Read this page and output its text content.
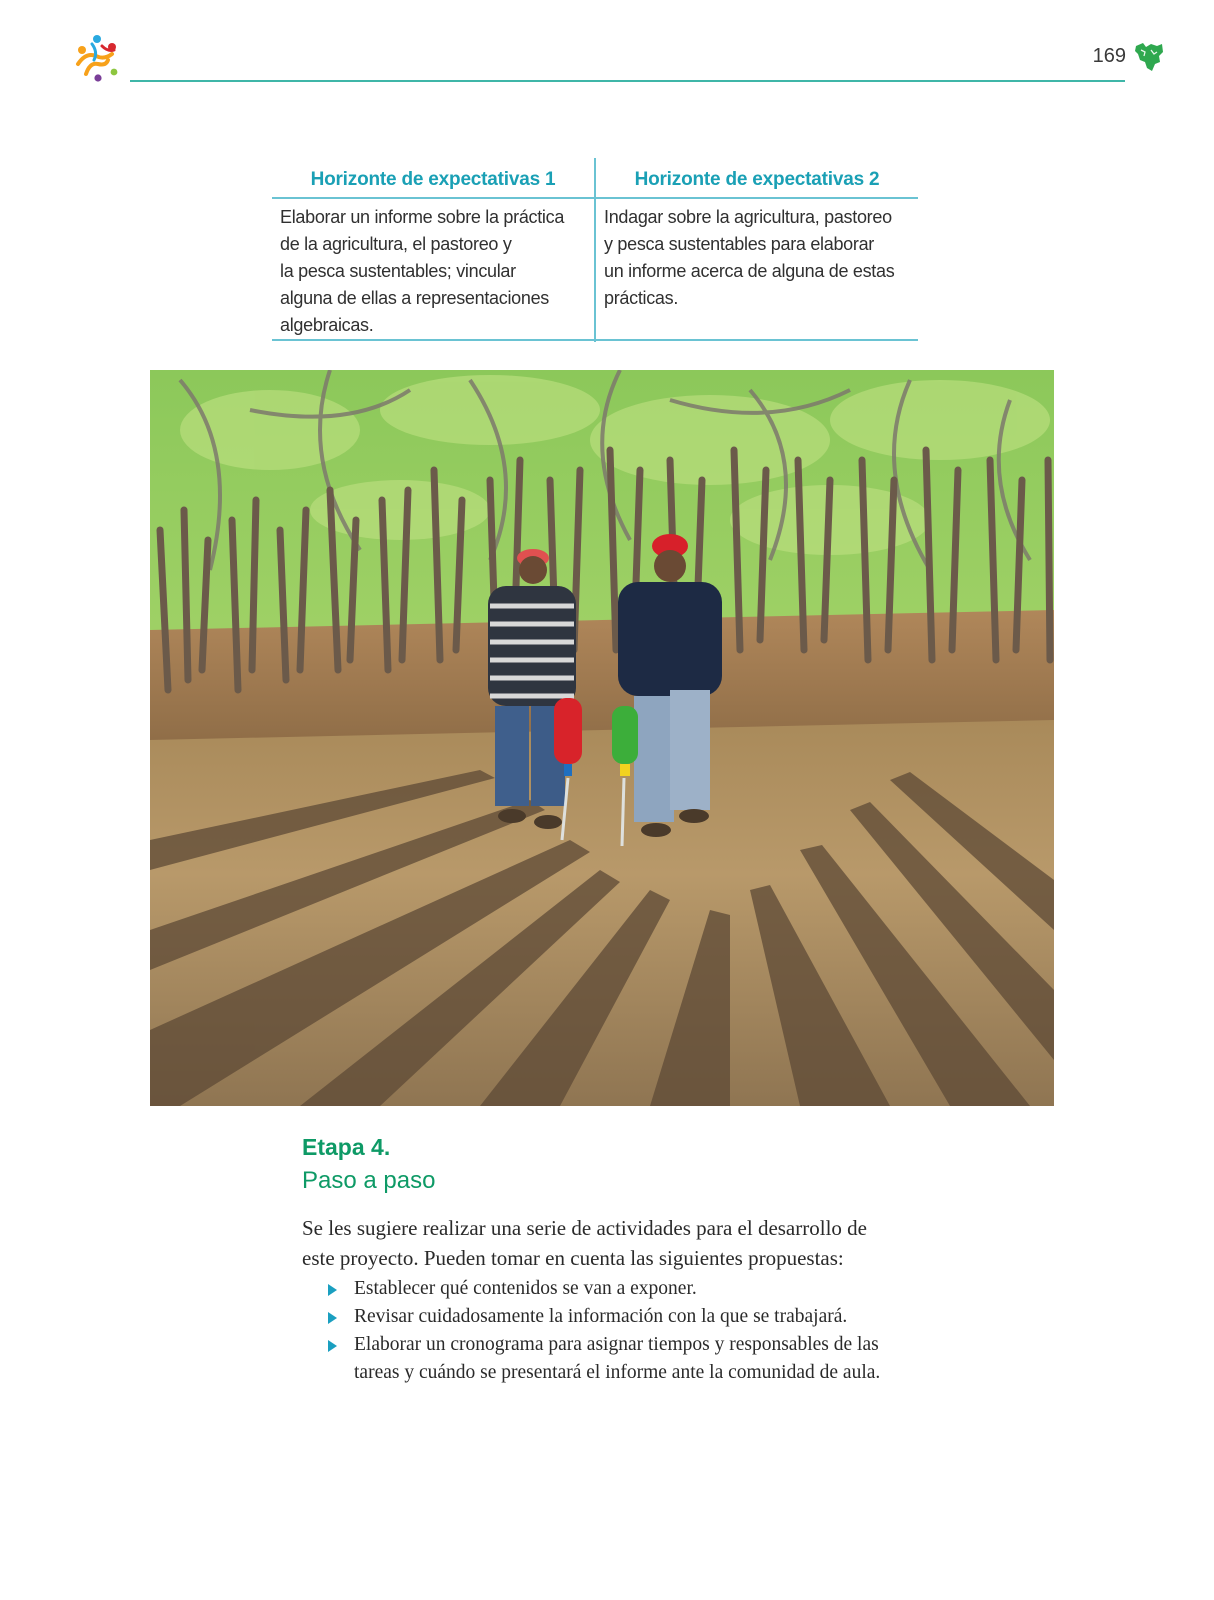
169
Horizonte de expectativas 1
Elaborar un informe sobre la práctica
de la agricultura, el pastoreo y
la pesca sustentables; vincular
alguna de ellas a representaciones
algebraicas.
Horizonte de expectativas 2
Indagar sobre la agricultura, pastoreo
y pesca sustentables para elaborar
un informe acerca de alguna de estas
prácticas.
Etapa 4.
Paso a paso
Se les sugiere realizar una serie de actividades para el desarrollo de
este proyecto. Pueden tomar en cuenta las siguientes propuestas:
Establecer qué contenidos se van a exponer.
Revisar cuidadosamente la información con la que se trabajará.
Elaborar un cronograma para asignar tiempos y responsables de las
tareas y cuándo se presentará el informe ante la comunidad de aula.
